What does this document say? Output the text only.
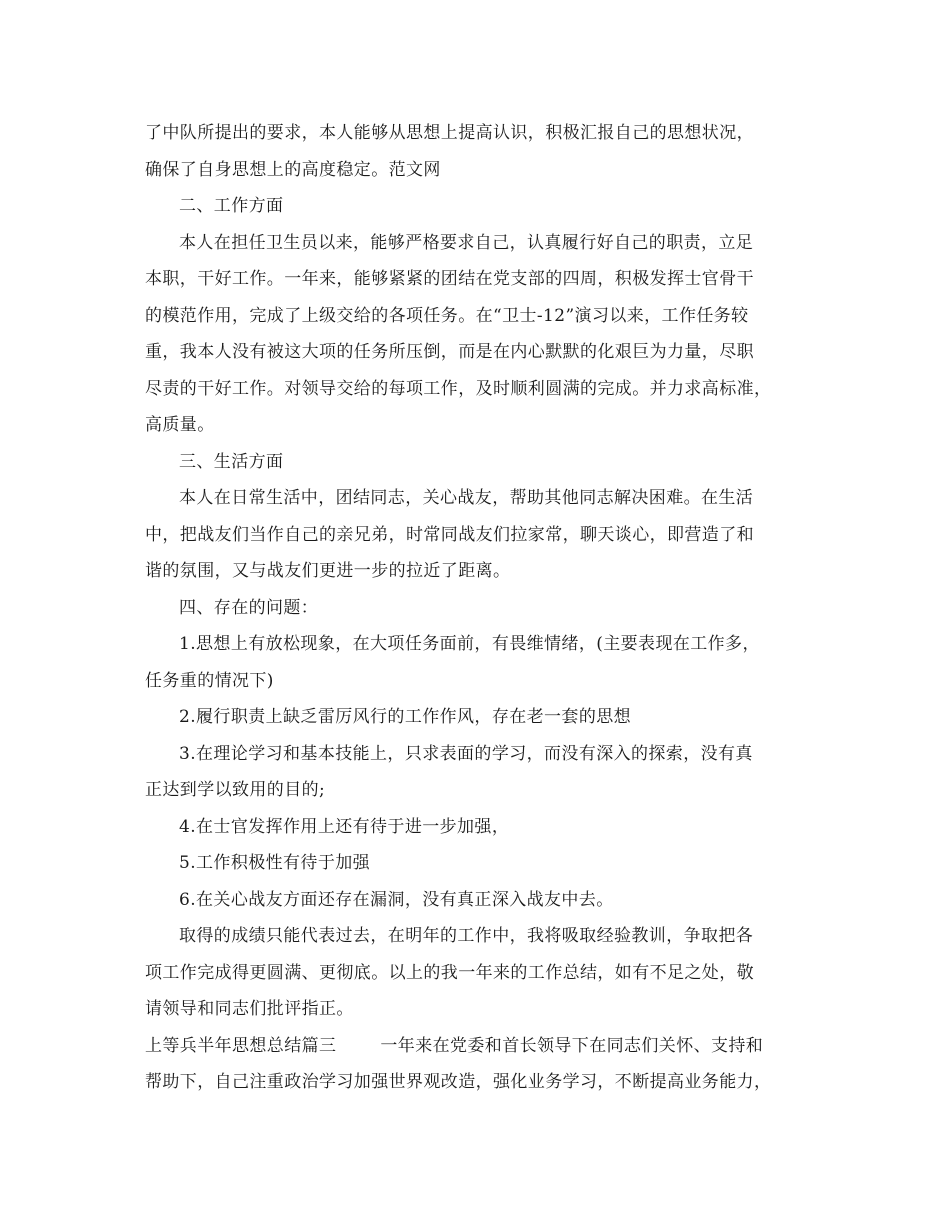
了中队所提出的要求，本人能够从思想上提高认识，积极汇报自己的思想状况，
确保了自身思想上的高度稳定。范文网
二、工作方面
本人在担任卫生员以来，能够严格要求自己，认真履行好自己的职责，立足
本职，干好工作。一年来，能够紧紧的团结在党支部的四周，积极发挥士官骨干
的模范作用，完成了上级交给的各项任务。在“卫士-12”演习以来，工作任务较
重，我本人没有被这大项的任务所压倒，而是在内心默默的化艰巨为力量，尽职
尽责的干好工作。对领导交给的每项工作，及时顺利圆满的完成。并力求高标准，
高质量。
三、生活方面
本人在日常生活中，团结同志，关心战友，帮助其他同志解决困难。在生活
中，把战友们当作自己的亲兄弟，时常同战友们拉家常，聊天谈心，即营造了和
谐的氛围，又与战友们更进一步的拉近了距离。
四、存在的问题：
1.思想上有放松现象，在大项任务面前，有畏维情绪，(主要表现在工作多，
任务重的情况下)
2.履行职责上缺乏雷厉风行的工作作风，存在老一套的思想
3.在理论学习和基本技能上，只求表面的学习，而没有深入的探索，没有真
正达到学以致用的目的;
4.在士官发挥作用上还有待于进一步加强，
5.工作积极性有待于加强
6.在关心战友方面还存在漏洞，没有真正深入战友中去。
取得的成绩只能代表过去，在明年的工作中，我将吸取经验教训，争取把各
项工作完成得更圆满、更彻底。以上的我一年来的工作总结，如有不足之处，敬
请领导和同志们批评指正。
上等兵半年思想总结篇三	一年来在党委和首长领导下在同志们关怀、支持和
帮助下，自己注重政治学习加强世界观改造，强化业务学习，不断提高业务能力，
